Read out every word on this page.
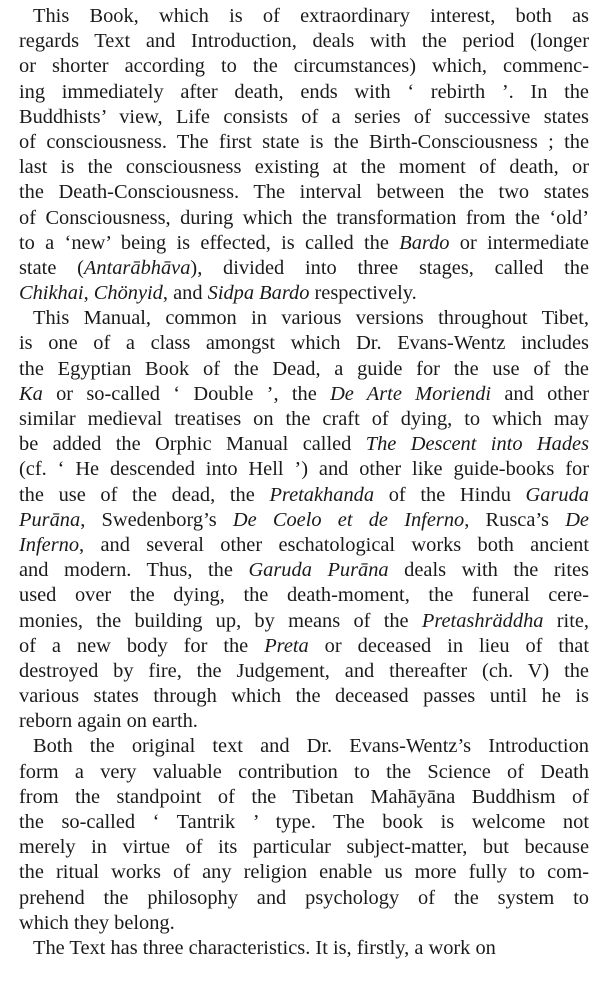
This Book, which is of extraordinary interest, both as
regards Text and Introduction, deals with the period (longer
or shorter according to the circumstances) which, commenc-
ing immediately after death, ends with ‘ rebirth ’. In the
Buddhists’ view, Life consists of a series of successive states
of consciousness. The first state is the Birth-Consciousness ; the
last is the consciousness existing at the moment of death, or
the Death-Consciousness. The interval between the two states
of Consciousness, during which the transformation from the ‘old’
to a ‘new’ being is effected, is called the Bardo or intermediate
state (Antarābhāva), divided into three stages, called the
Chikhai, Chönyid, and Sidpa Bardo respectively.
This Manual, common in various versions throughout Tibet,
is one of a class amongst which Dr. Evans-Wentz includes
the Egyptian Book of the Dead, a guide for the use of the
Ka or so-called ‘ Double ’, the De Arte Moriendi and other
similar medieval treatises on the craft of dying, to which may
be added the Orphic Manual called The Descent into Hades
(cf. ‘ He descended into Hell ’) and other like guide-books for
the use of the dead, the Pretakhanda of the Hindu Garuda
Purāna, Swedenborg’s De Coelo et de Inferno, Rusca’s De
Inferno, and several other eschatological works both ancient
and modern. Thus, the Garuda Purāna deals with the rites
used over the dying, the death-moment, the funeral cere-
monies, the building up, by means of the Pretashräddha rite,
of a new body for the Preta or deceased in lieu of that
destroyed by fire, the Judgement, and thereafter (ch. V) the
various states through which the deceased passes until he is
reborn again on earth.
Both the original text and Dr. Evans-Wentz’s Introduction
form a very valuable contribution to the Science of Death
from the standpoint of the Tibetan Mahāyāna Buddhism of
the so-called ‘ Tantrik ’ type. The book is welcome not
merely in virtue of its particular subject-matter, but because
the ritual works of any religion enable us more fully to com-
prehend the philosophy and psychology of the system to
which they belong.
The Text has three characteristics. It is, firstly, a work on
